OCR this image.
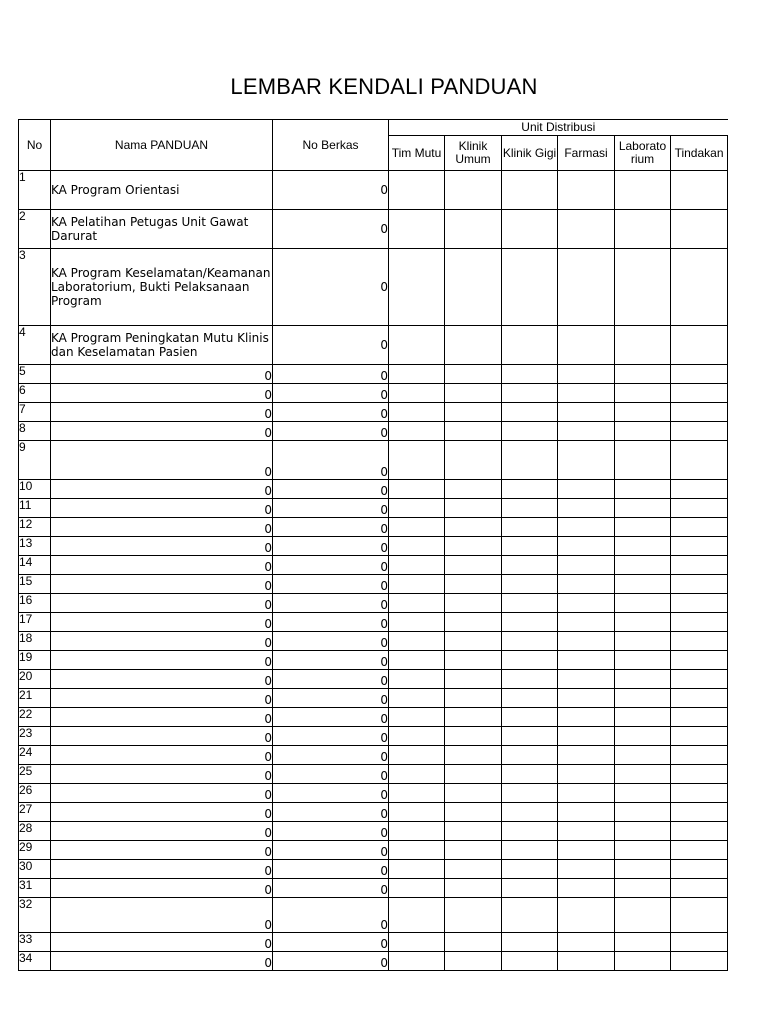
LEMBAR KENDALI PANDUAN
No	Nama PANDUAN	No Berkas	Unit Distribusi					
			Tim Mutu	Klinik Umum	Klinik Gigi	Farmasi	Laborato rium	Tindakan
1	KA Program Orientasi	0						
2	KA Pelatihan Petugas Unit Gawat Darurat	0						
3	KA Program Keselamatan/Keamanan Laboratorium, Bukti Pelaksanaan Program	0						
4	KA Program Peningkatan Mutu Klinis dan Keselamatan Pasien	0						
5	0	0						
6	0	0						
7	0	0						
8	0	0						
9	0	0						
10	0	0						
11	0	0						
12	0	0						
13	0	0						
14	0	0						
15	0	0						
16	0	0						
17	0	0						
18	0	0						
19	0	0						
20	0	0						
21	0	0						
22	0	0						
23	0	0						
24	0	0						
25	0	0						
26	0	0						
27	0	0						
28	0	0						
29	0	0						
30	0	0						
31	0	0						
32	0	0						
33	0	0						
34	0	0						
